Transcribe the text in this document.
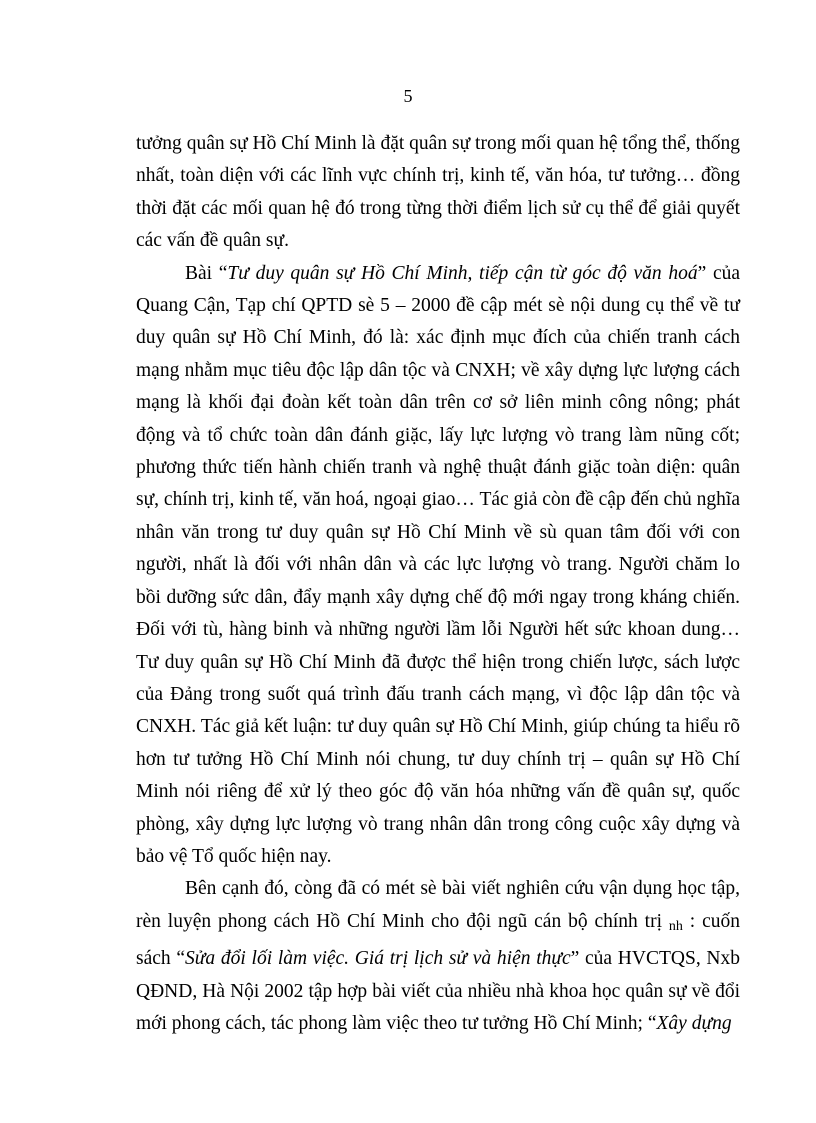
5

tưởng quân sự Hồ Chí Minh là đặt quân sự trong mối quan hệ tổng thể, thống nhất, toàn diện với các lĩnh vực chính trị, kinh tế, văn hóa, tư tưởng… đồng thời đặt các mối quan hệ đó trong từng thời điểm lịch sử cụ thể để giải quyết các vấn đề quân sự.

Bài “Tư duy quân sự Hồ Chí Minh, tiếp cận từ góc độ văn hoá” của Quang Cận, Tạp chí QPTD sè 5 – 2000 đề cập mét sè nội dung cụ thể về tư duy quân sự Hồ Chí Minh, đó là: xác định mục đích của chiến tranh cách mạng nhằm mục tiêu độc lập dân tộc và CNXH; về xây dựng lực lượng cách mạng là khối đại đoàn kết toàn dân trên cơ sở liên minh công nông; phát động và tổ chức toàn dân đánh giặc, lấy lực lượng vò trang làm nũng cốt; phương thức tiến hành chiến tranh và nghệ thuật đánh giặc toàn diện: quân sự, chính trị, kinh tế, văn hoá, ngoại giao… Tác giả còn đề cập đến chủ nghĩa nhân văn trong tư duy quân sự Hồ Chí Minh về sù quan tâm đối với con người, nhất là đối với nhân dân và các lực lượng vò trang. Người chăm lo bồi dưỡng sức dân, đẩy mạnh xây dựng chế độ mới ngay trong kháng chiến. Đối với tù, hàng binh và những người lầm lỗi Người hết sức khoan dung… Tư duy quân sự Hồ Chí Minh đã được thể hiện trong chiến lược, sách lược của Đảng trong suốt quá trình đấu tranh cách mạng, vì độc lập dân tộc và CNXH. Tác giả kết luận: tư duy quân sự Hồ Chí Minh, giúp chúng ta hiểu rõ hơn tư tưởng Hồ Chí Minh nói chung, tư duy chính trị – quân sự Hồ Chí Minh nói riêng để xử lý theo góc độ văn hóa những vấn đề quân sự, quốc phòng, xây dựng lực lượng vò trang nhân dân trong công cuộc xây dựng và bảo vệ Tổ quốc hiện nay.

Bên cạnh đó, còng đã có mét sè bài viết nghiên cứu vận dụng học tập, rèn luyện phong cách Hồ Chí Minh cho đội ngũ cán bộ chính trị nh : cuốn sách “Sửa đổi lối làm việc. Giá trị lịch sử và hiện thực” của HVCTQS, Nxb QĐND, Hà Nội 2002 tập hợp bài viết của nhiều nhà khoa học quân sự về đổi mới phong cách, tác phong làm việc theo tư tưởng Hồ Chí Minh; “Xây dựng
